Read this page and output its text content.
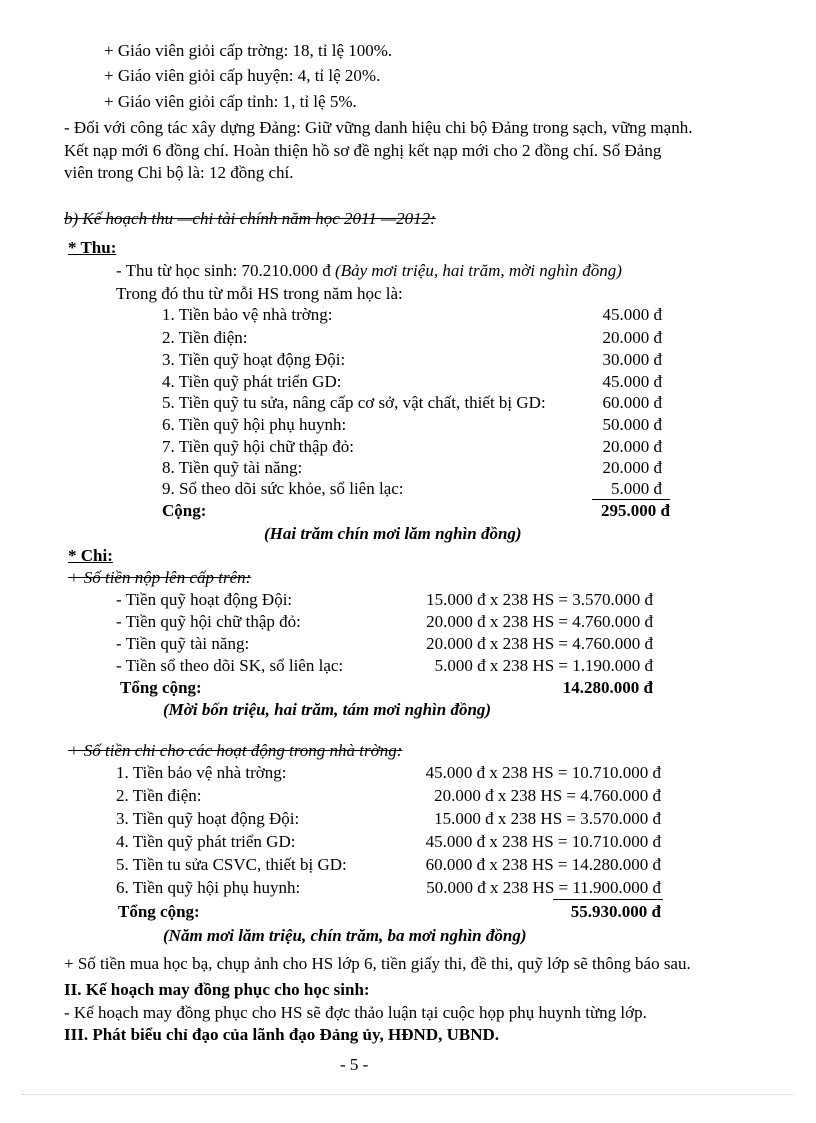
+ Giáo viên giỏi cấp trờng: 18, tỉ lệ 100%.
+ Giáo viên giỏi cấp huyện: 4, tỉ lệ 20%.
+ Giáo viên giỏi cấp tỉnh: 1, tỉ lệ 5%.
- Đối với công tác xây dựng Đảng: Giữ vững danh hiệu chi bộ Đảng trong sạch, vững mạnh.
Kết nạp mới 6 đồng chí. Hoàn thiện hồ sơ đề nghị kết nạp mới cho 2 đồng chí. Số Đảng
viên trong Chi bộ là: 12 đồng chí.
b) Kế hoạch thu —chi tài chính năm học 2011 —2012:
* Thu:
- Thu từ học sinh: 70.210.000 đ (Bảy mơi triệu, hai trăm, mời nghìn đồng)
Trong đó thu từ mỗi HS trong năm học là:
1. Tiền bảo vệ nhà trờng:	45.000 đ
2. Tiền điện:	20.000 đ
3. Tiền quỹ hoạt động Đội:	30.000 đ
4. Tiền quỹ phát triển GD:	45.000 đ
5. Tiền quỹ tu sửa, nâng cấp cơ sở, vật chất, thiết bị GD:	60.000 đ
6. Tiền quỹ hội phụ huynh:	50.000 đ
7. Tiền quỹ hội chữ thập đỏ:	20.000 đ
8. Tiền quỹ tài năng:	20.000 đ
9. Sổ theo dõi sức khỏe, sổ liên lạc:	5.000 đ
Cộng:	295.000 đ
(Hai trăm chín mơi lăm nghìn đồng)
* Chi:
+ Số tiền nộp lên cấp trên:
- Tiền quỹ hoạt động Đội:	15.000 đ x 238 HS = 3.570.000 đ
- Tiền quỹ hội chữ thập đỏ:	20.000 đ x 238 HS = 4.760.000 đ
- Tiền quỹ tài năng:	20.000 đ x 238 HS = 4.760.000 đ
- Tiền sổ theo dõi SK, sổ liên lạc:	5.000 đ x 238 HS = 1.190.000 đ
Tổng cộng:	14.280.000 đ
(Mời bốn triệu, hai trăm, tám mơi nghìn đồng)
+ Số tiền chi cho các hoạt động trong nhà trờng:
1. Tiền bảo vệ nhà trờng:	45.000 đ x 238 HS = 10.710.000 đ
2. Tiền điện:	20.000 đ x 238 HS = 4.760.000 đ
3. Tiền quỹ hoạt động Đội:	15.000 đ x 238 HS = 3.570.000 đ
4. Tiền quỹ phát triển GD:	45.000 đ x 238 HS = 10.710.000 đ
5. Tiền tu sửa CSVC, thiết bị GD:	60.000 đ x 238 HS = 14.280.000 đ
6. Tiền quỹ hội phụ huynh:	50.000 đ x 238 HS = 11.900.000 đ
Tổng cộng:	55.930.000 đ
(Năm mơi lăm triệu, chín trăm, ba mơi nghìn đồng)
+ Số tiền mua học bạ, chụp ảnh cho HS lớp 6, tiền giấy thi, đề thi, quỹ lớp sẽ thông báo sau.
II. Kế hoạch may đồng phục cho học sinh:
- Kế hoạch may đồng phục cho HS sẽ đợc thảo luận tại cuộc họp phụ huynh từng lớp.
III. Phát biểu chỉ đạo của lãnh đạo Đảng ủy, HĐND, UBND.
- 5 -
